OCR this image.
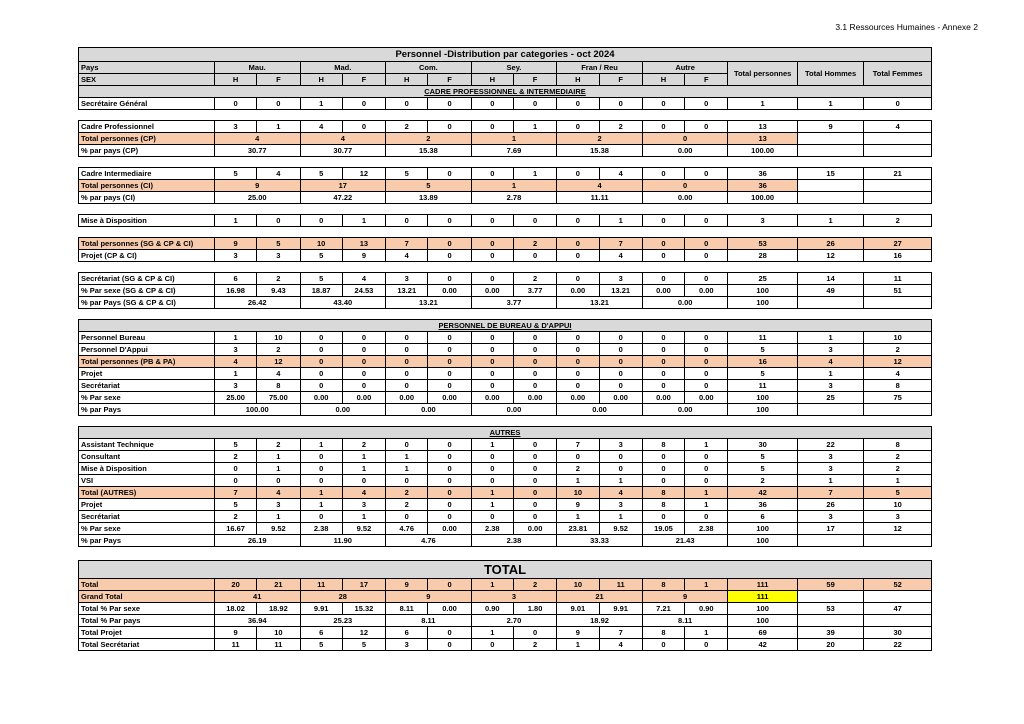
3.1 Ressources Humaines - Annexe 2
Personnel -Distribution par categories - oct 2024															
Pays	Mau.		Mad.		Com.		Sey.		Fran / Reu		Autre		Total personnes	Total Hommes	Total Femmes
SEX	H	F	H	F	H	F	H	F	H	F	H	F			
CADRE PROFESSIONNEL & INTERMEDIAIRE															
Secrétaire Général	0	0	1	0	0	0	0	0	0	0	0	0	1	1	0

Cadre Professionnel	3	1	4	0	2	0	0	1	0	2	0	0	13	9	4
Total personnes (CP)	4		4		2		1		2		0		13		
% par pays (CP)	30.77		30.77		15.38		7.69		15.38		0.00		100.00		

Cadre Intermediaire	5	4	5	12	5	0	0	1	0	4	0	0	36	15	21
Total personnes (CI)	9		17		5		1		4		0		36		
% par pays (CI)	25.00		47.22		13.89		2.78		11.11		0.00		100.00		

Mise à Disposition	1	0	0	1	0	0	0	0	0	1	0	0	3	1	2

Total personnes (SG & CP & CI)	9	5	10	13	7	0	0	2	0	7	0	0	53	26	27
Projet (CP & CI)	3	3	5	9	4	0	0	0	0	4	0	0	28	12	16

Secrétariat (SG & CP & CI)	6	2	5	4	3	0	0	2	0	3	0	0	25	14	11
% Par sexe (SG & CP & CI)	16.98	9.43	18.87	24.53	13.21	0.00	0.00	3.77	0.00	13.21	0.00	0.00	100	49	51
% par Pays (SG & CP & CI)	26.42		43.40		13.21		3.77		13.21		0.00		100		

PERSONNEL DE BUREAU & D'APPUI															
Personnel Bureau	1	10	0	0	0	0	0	0	0	0	0	0	11	1	10
Personnel D'Appui	3	2	0	0	0	0	0	0	0	0	0	0	5	3	2
Total personnes (PB & PA)	4	12	0	0	0	0	0	0	0	0	0	0	16	4	12
Projet	1	4	0	0	0	0	0	0	0	0	0	0	5	1	4
Secrétariat	3	8	0	0	0	0	0	0	0	0	0	0	11	3	8
% Par sexe	25.00	75.00	0.00	0.00	0.00	0.00	0.00	0.00	0.00	0.00	0.00	0.00	100	25	75
% par Pays	100.00		0.00		0.00		0.00		0.00		0.00		100		

AUTRES															
Assistant Technique	5	2	1	2	0	0	1	0	7	3	8	1	30	22	8
Consultant	2	1	0	1	1	0	0	0	0	0	0	0	5	3	2
Mise à Disposition	0	1	0	1	1	0	0	0	2	0	0	0	5	3	2
VSI	0	0	0	0	0	0	0	0	1	1	0	0	2	1	1
Total (AUTRES)	7	4	1	4	2	0	1	0	10	4	8	1	42	7	5
Projet	5	3	1	3	2	0	1	0	9	3	8	1	36	26	10
Secrétariat	2	1	0	1	0	0	0	0	1	1	0	0	6	3	3
% Par sexe	16.67	9.52	2.38	9.52	4.76	0.00	2.38	0.00	23.81	9.52	19.05	2.38	100	17	12
% par Pays	26.19		11.90		4.76		2.38		33.33		21.43		100		

TOTAL															
Total	20	21	11	17	9	0	1	2	10	11	8	1	111	59	52
Grand Total	41		28		9		3		21		9		111		
Total % Par sexe	18.02	18.92	9.91	15.32	8.11	0.00	0.90	1.80	9.01	9.91	7.21	0.90	100	53	47
Total % Par pays	36.94		25.23		8.11		2.70		18.92		8.11		100		
Total Projet	9	10	6	12	6	0	1	0	9	7	8	1	69	39	30
Total Secrétariat	11	11	5	5	3	0	0	2	1	4	0	0	42	20	22
